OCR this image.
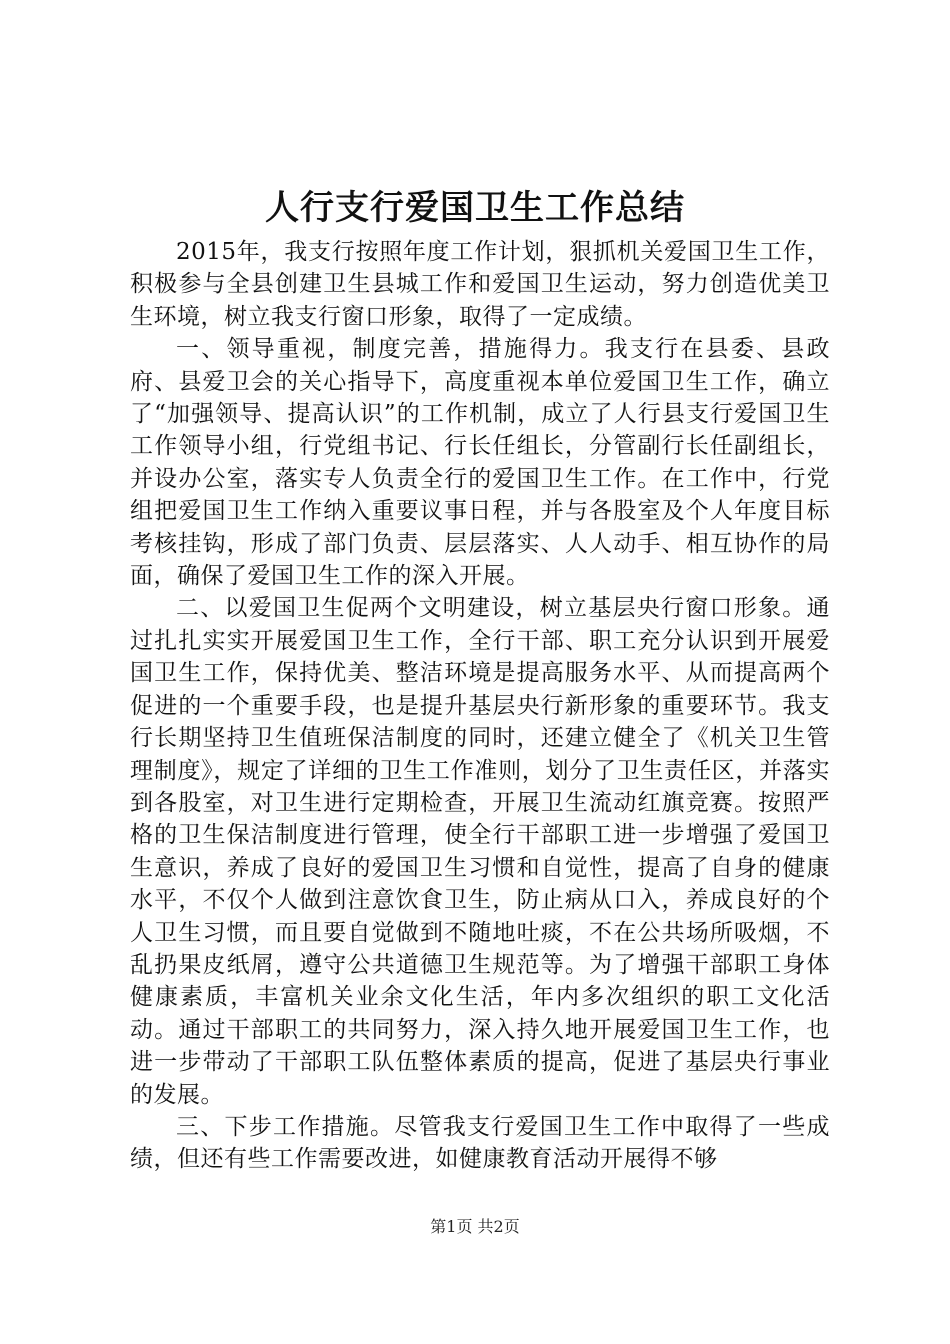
人行支行爱国卫生工作总结

2015年，我支行按照年度工作计划，狠抓机关爱国卫生工作，积极参与全县创建卫生县城工作和爱国卫生运动，努力创造优美卫生环境，树立我支行窗口形象，取得了一定成绩。

一、领导重视，制度完善，措施得力。我支行在县委、县政府、县爱卫会的关心指导下，高度重视本单位爱国卫生工作，确立了“加强领导、提高认识”的工作机制，成立了人行县支行爱国卫生工作领导小组，行党组书记、行长任组长，分管副行长任副组长，并设办公室，落实专人负责全行的爱国卫生工作。在工作中，行党组把爱国卫生工作纳入重要议事日程，并与各股室及个人年度目标考核挂钩，形成了部门负责、层层落实、人人动手、相互协作的局面，确保了爱国卫生工作的深入开展。

二、以爱国卫生促两个文明建设，树立基层央行窗口形象。通过扎扎实实开展爱国卫生工作，全行干部、职工充分认识到开展爱国卫生工作，保持优美、整洁环境是提高服务水平、从而提高两个促进的一个重要手段，也是提升基层央行新形象的重要环节。我支行长期坚持卫生值班保洁制度的同时，还建立健全了《机关卫生管理制度》，规定了详细的卫生工作准则，划分了卫生责任区，并落实到各股室，对卫生进行定期检查，开展卫生流动红旗竞赛。按照严格的卫生保洁制度进行管理，使全行干部职工进一步增强了爱国卫生意识，养成了良好的爱国卫生习惯和自觉性，提高了自身的健康水平，不仅个人做到注意饮食卫生，防止病从口入，养成良好的个人卫生习惯，而且要自觉做到不随地吐痰，不在公共场所吸烟，不乱扔果皮纸屑，遵守公共道德卫生规范等。为了增强干部职工身体健康素质，丰富机关业余文化生活，年内多次组织的职工文化活动。通过干部职工的共同努力，深入持久地开展爱国卫生工作，也进一步带动了干部职工队伍整体素质的提高，促进了基层央行事业的发展。

三、下步工作措施。尽管我支行爱国卫生工作中取得了一些成绩，但还有些工作需要改进，如健康教育活动开展得不够

第1页 共2页
